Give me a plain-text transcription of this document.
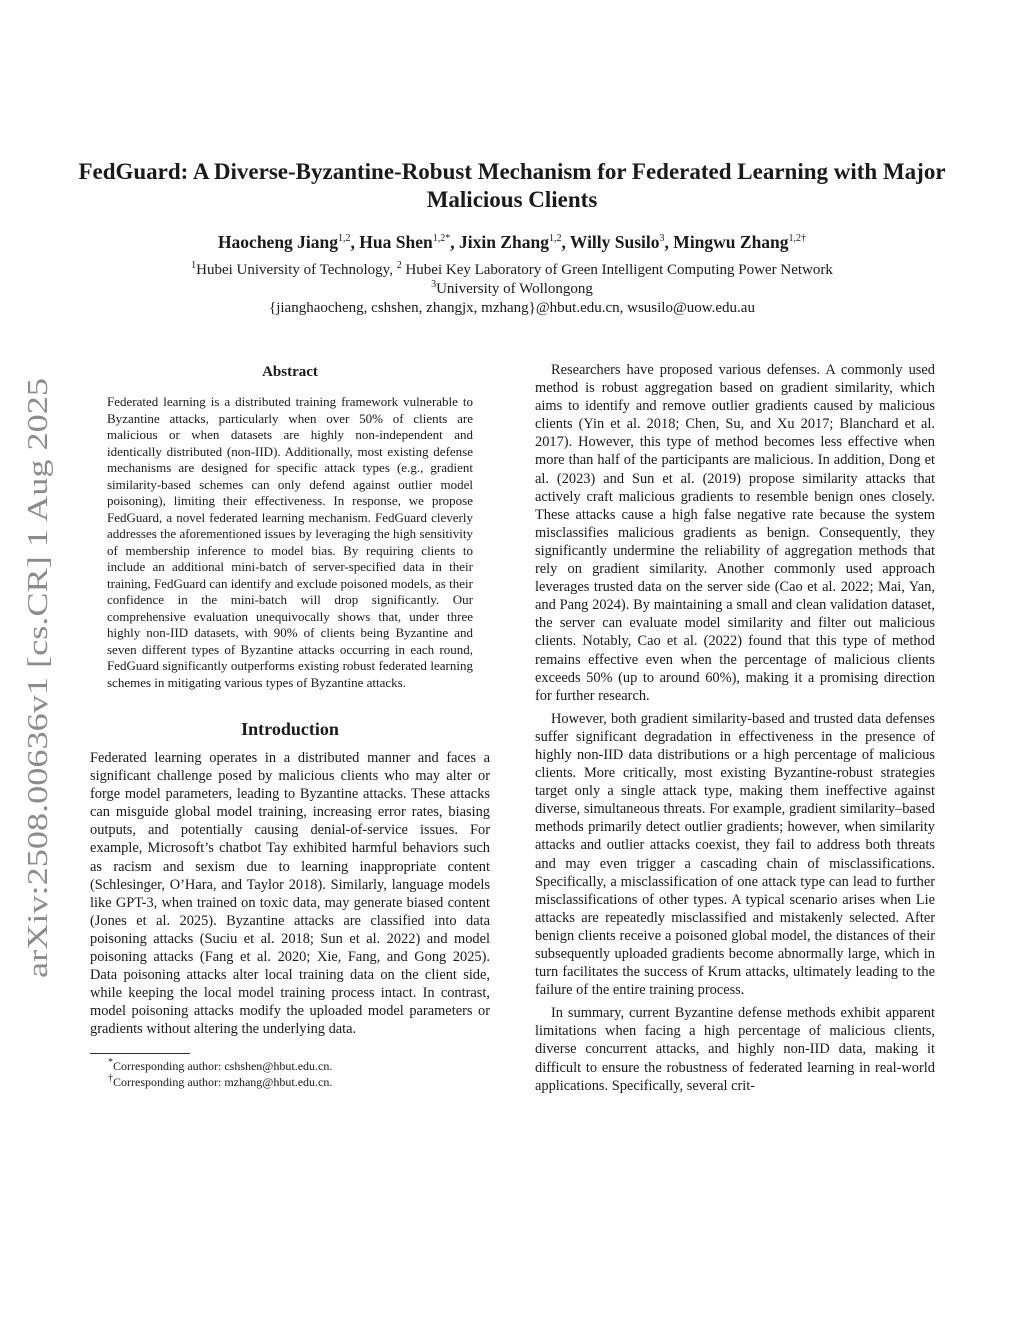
arXiv:2508.00636v1 [cs.CR] 1 Aug 2025
FedGuard: A Diverse-Byzantine-Robust Mechanism for Federated Learning with Major Malicious Clients
Haocheng Jiang$^{1,2}$, Hua Shen$^{1,2*}$, Jixin Zhang$^{1,2}$, Willy Susilo$^3$, Mingwu Zhang$^{1,2\dagger}$
$^1$Hubei University of Technology, $^2$ Hubei Key Laboratory of Green Intelligent Computing Power Network
$^3$University of Wollongong
{jianghaocheng, cshshen, zhangjx, mzhang}@hbut.edu.cn, wsusilo@uow.edu.au
Abstract

Federated learning is a distributed training framework vulnerable to Byzantine attacks, particularly when over 50% of clients are malicious or when datasets are highly non-independent and identically distributed (non-IID). Additionally, most existing defense mechanisms are designed for specific attack types (e.g., gradient similarity-based schemes can only defend against outlier model poisoning), limiting their effectiveness. In response, we propose FedGuard, a novel federated learning mechanism. FedGuard cleverly addresses the aforementioned issues by leveraging the high sensitivity of membership inference to model bias. By requiring clients to include an additional mini-batch of server-specified data in their training, FedGuard can identify and exclude poisoned models, as their confidence in the mini-batch will drop significantly. Our comprehensive evaluation unequivocally shows that, under three highly non-IID datasets, with 90% of clients being Byzantine and seven different types of Byzantine attacks occurring in each round, FedGuard significantly outperforms existing robust federated learning schemes in mitigating various types of Byzantine attacks.

Introduction

Federated learning operates in a distributed manner and faces a significant challenge posed by malicious clients who may alter or forge model parameters, leading to Byzantine attacks. These attacks can misguide global model training, increasing error rates, biasing outputs, and potentially causing denial-of-service issues. For example, Microsoft’s chatbot Tay exhibited harmful behaviors such as racism and sexism due to learning inappropriate content (Schlesinger, O’Hara, and Taylor 2018). Similarly, language models like GPT-3, when trained on toxic data, may generate biased content (Jones et al. 2025). Byzantine attacks are classified into data poisoning attacks (Suciu et al. 2018; Sun et al. 2022) and model poisoning attacks (Fang et al. 2020; Xie, Fang, and Gong 2025). Data poisoning attacks alter local training data on the client side, while keeping the local model training process intact. In contrast, model poisoning attacks modify the uploaded model parameters or gradients without altering the underlying data.

*Corresponding author: cshshen@hbut.edu.cn.

†Corresponding author: mzhang@hbut.edu.cn.

Researchers have proposed various defenses. A commonly used method is robust aggregation based on gradient similarity, which aims to identify and remove outlier gradients caused by malicious clients (Yin et al. 2018; Chen, Su, and Xu 2017; Blanchard et al. 2017). However, this type of method becomes less effective when more than half of the participants are malicious. In addition, Dong et al. (2023) and Sun et al. (2019) propose similarity attacks that actively craft malicious gradients to resemble benign ones closely. These attacks cause a high false negative rate because the system misclassifies malicious gradients as benign. Consequently, they significantly undermine the reliability of aggregation methods that rely on gradient similarity. Another commonly used approach leverages trusted data on the server side (Cao et al. 2022; Mai, Yan, and Pang 2024). By maintaining a small and clean validation dataset, the server can evaluate model similarity and filter out malicious clients. Notably, Cao et al. (2022) found that this type of method remains effective even when the percentage of malicious clients exceeds 50% (up to around 60%), making it a promising direction for further research.

However, both gradient similarity-based and trusted data defenses suffer significant degradation in effectiveness in the presence of highly non-IID data distributions or a high percentage of malicious clients. More critically, most existing Byzantine-robust strategies target only a single attack type, making them ineffective against diverse, simultaneous threats. For example, gradient similarity–based methods primarily detect outlier gradients; however, when similarity attacks and outlier attacks coexist, they fail to address both threats and may even trigger a cascading chain of misclassifications. Specifically, a misclassification of one attack type can lead to further misclassifications of other types. A typical scenario arises when Lie attacks are repeatedly misclassified and mistakenly selected. After benign clients receive a poisoned global model, the distances of their subsequently uploaded gradients become abnormally large, which in turn facilitates the success of Krum attacks, ultimately leading to the failure of the entire training process.

In summary, current Byzantine defense methods exhibit apparent limitations when facing a high percentage of malicious clients, diverse concurrent attacks, and highly non-IID data, making it difficult to ensure the robustness of federated learning in real-world applications. Specifically, several crit-
